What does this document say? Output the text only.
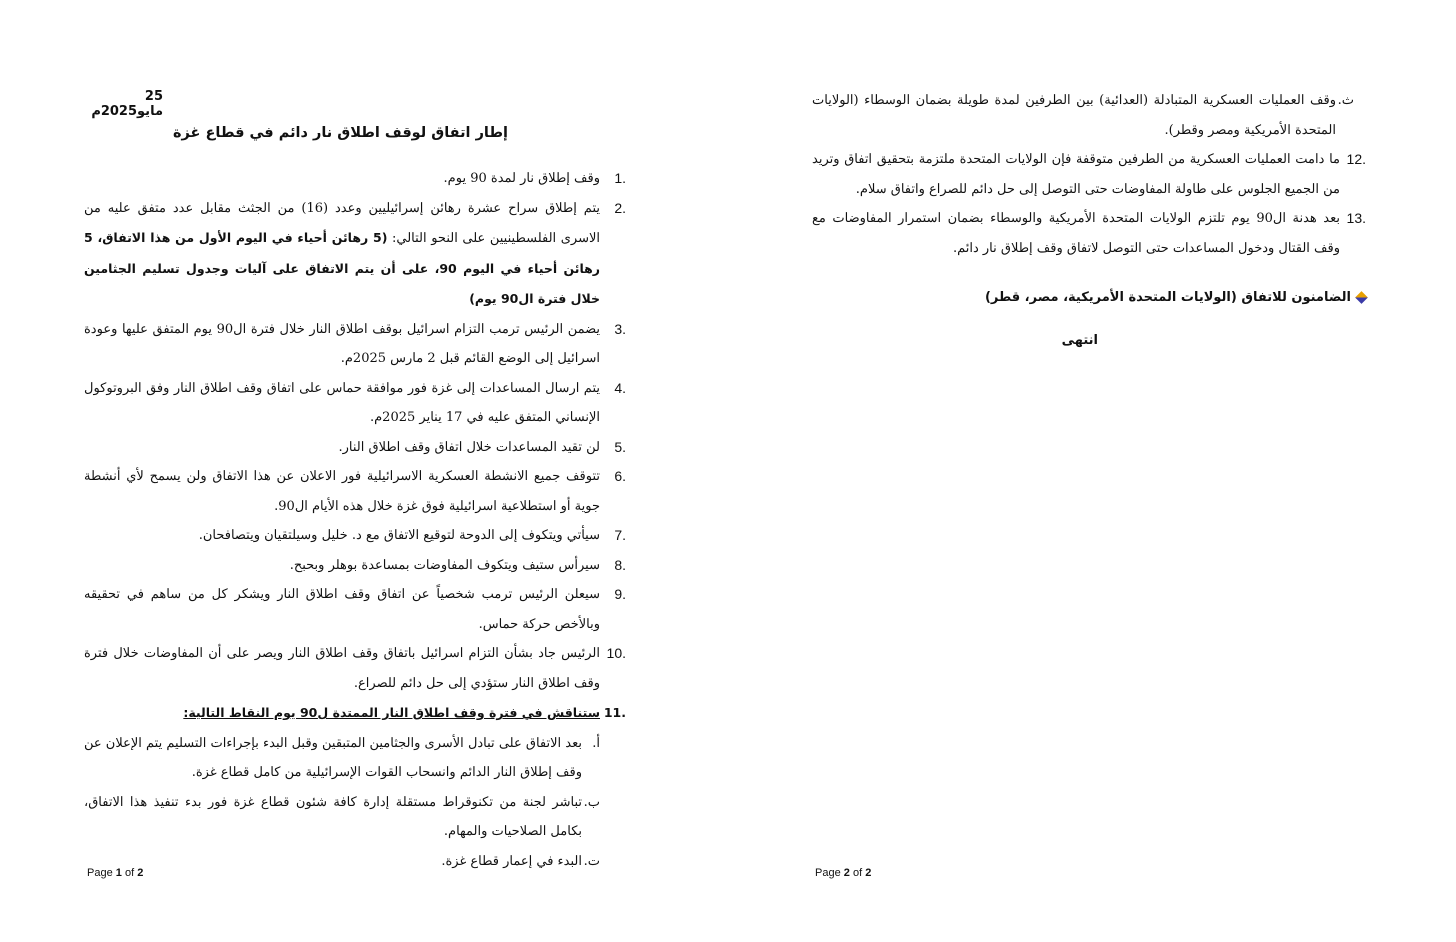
25 مايو2025م
إطار اتفاق لوقف اطلاق نار دائم في قطاع غزة
.1
وقف إطلاق نار لمدة 90 يوم.
.2
يتم إطلاق سراح عشرة رهائن إسرائيليين وعدد (16) من الجثث مقابل عدد متفق عليه من الاسرى الفلسطينيين على النحو التالي: (5 رهائن أحياء في اليوم الأول من هذا الاتفاق، 5 رهائن أحياء في اليوم 90، على أن يتم الاتفاق على آليات وجدول تسليم الجثامين خلال فترة ال90 يوم)
.3
يضمن الرئيس ترمب التزام اسرائيل بوقف اطلاق النار خلال فترة ال90 يوم المتفق عليها وعودة اسرائيل إلى الوضع القائم قبل 2 مارس 2025م.
.4
يتم ارسال المساعدات إلى غزة فور موافقة حماس على اتفاق وقف اطلاق النار وفق البروتوكول الإنساني المتفق عليه في 17 يناير 2025م.
.5
لن تقيد المساعدات خلال اتفاق وقف اطلاق النار.
.6
تتوقف جميع الانشطة العسكرية الاسرائيلية فور الاعلان عن هذا الاتفاق ولن يسمح لأي أنشطة جوية أو استطلاعية اسرائيلية فوق غزة خلال هذه الأيام ال90.
.7
سيأتي ويتكوف إلى الدوحة لتوقيع الاتفاق مع د. خليل وسيلتقيان ويتصافحان.
.8
سيرأس ستيف ويتكوف المفاوضات بمساعدة بوهلر وبحبح.
.9
سيعلن الرئيس ترمب شخصياً عن اتفاق وقف اطلاق النار ويشكر كل من ساهم في تحقيقه وبالأخص حركة حماس.
.10
الرئيس جاد بشأن التزام اسرائيل باتفاق وقف اطلاق النار ويصر على أن المفاوضات خلال فترة وقف اطلاق النار ستؤدي إلى حل دائم للصراع.
.11
ستناقش في فترة وقف اطلاق النار الممتدة ل90 يوم النقاط التالية:
أ.
بعد الاتفاق على تبادل الأسرى والجثامين المتبقين وقبل البدء بإجراءات التسليم يتم الإعلان عن وقف إطلاق النار الدائم وانسحاب القوات الإسرائيلية من كامل قطاع غزة.
ب.
تباشر لجنة من تكنوقراط مستقلة إدارة كافة شئون قطاع غزة فور بدء تنفيذ هذا الاتفاق، بكامل الصلاحيات والمهام.
ت.
البدء في إعمار قطاع غزة.
Page 1 of 2
ث.
وقف العمليات العسكرية المتبادلة (العدائية) بين الطرفين لمدة طويلة بضمان الوسطاء (الولايات المتحدة الأمريكية ومصر وقطر).
.12
ما دامت العمليات العسكرية من الطرفين متوقفة فإن الولايات المتحدة ملتزمة بتحقيق اتفاق وتريد من الجميع الجلوس على طاولة المفاوضات حتى التوصل إلى حل دائم للصراع واتفاق سلام.
.13
بعد هدنة ال90 يوم تلتزم الولايات المتحدة الأمريكية والوسطاء بضمان استمرار المفاوضات مع وقف القتال ودخول المساعدات حتى التوصل لاتفاق وقف إطلاق نار دائم.
الضامنون للاتفاق (الولايات المتحدة الأمريكية، مصر، قطر)
انتهى
Page 2 of 2
